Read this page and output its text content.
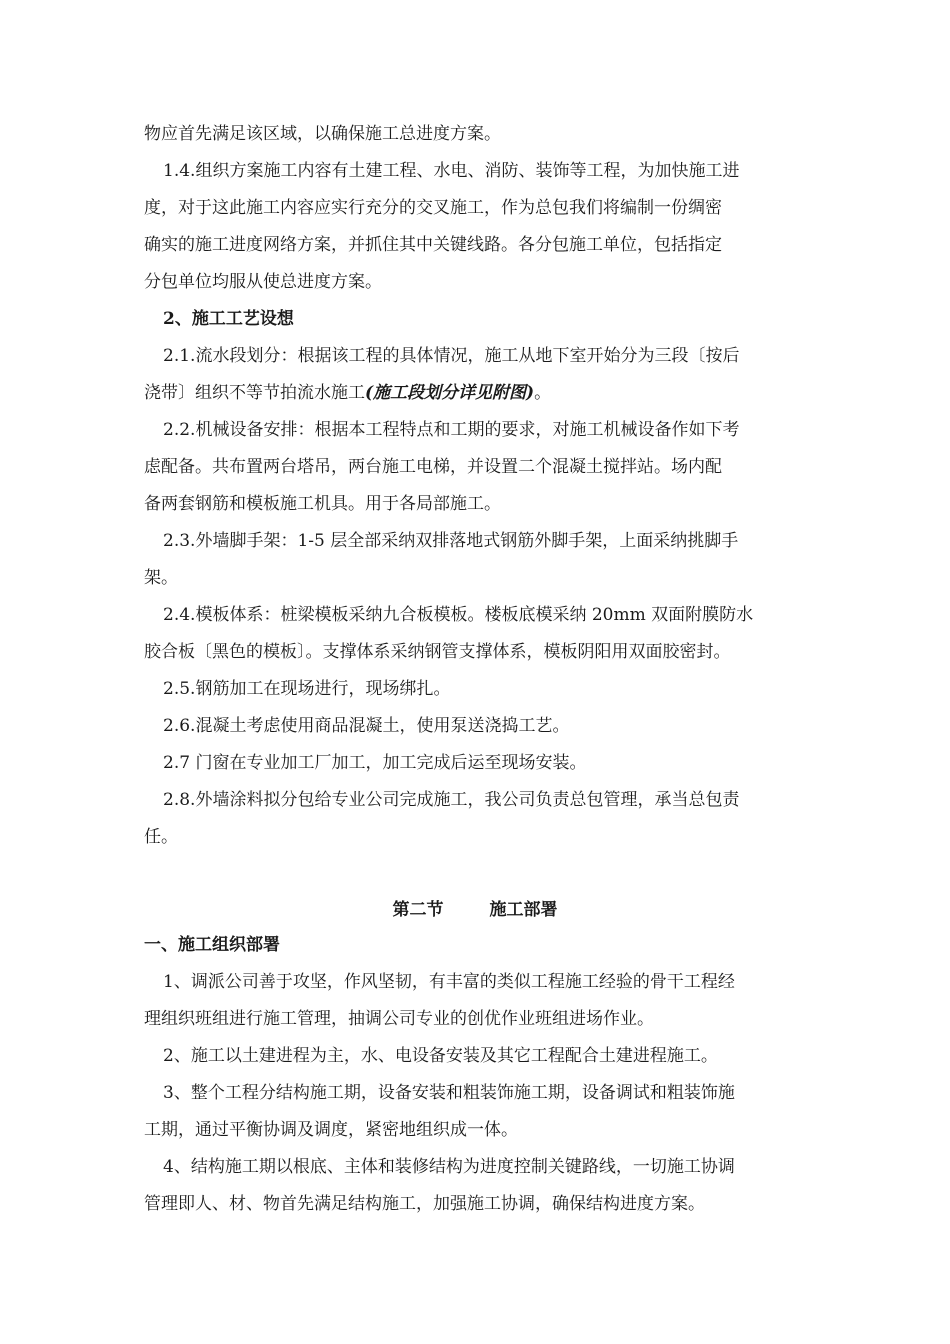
物应首先满足该区域，以确保施工总进度方案。
1.4.组织方案施工内容有土建工程、水电、消防、装饰等工程，为加快施工进
度，对于这此施工内容应实行充分的交叉施工，作为总包我们将编制一份绸密
确实的施工进度网络方案，并抓住其中关键线路。各分包施工单位，包括指定
分包单位均服从使总进度方案。
2、施工工艺设想
2.1.流水段划分：根据该工程的具体情况，施工从地下室开始分为三段〔按后
浇带〕组织不等节拍流水施工(施工段划分详见附图)。
2.2.机械设备安排：根据本工程特点和工期的要求，对施工机械设备作如下考
虑配备。共布置两台塔吊，两台施工电梯，并设置二个混凝土搅拌站。场内配
备两套钢筋和模板施工机具。用于各局部施工。
2.3.外墙脚手架：1-5 层全部采纳双排落地式钢筋外脚手架，上面采纳挑脚手
架。
2.4.模板体系：桩梁模板采纳九合板模板。楼板底模采纳 20mm 双面附膜防水
胶合板〔黑色的模板〕。支撑体系采纳钢管支撑体系，模板阴阳用双面胶密封。
2.5.钢筋加工在现场进行，现场绑扎。
2.6.混凝土考虑使用商品混凝土，使用泵送浇捣工艺。
2.7 门窗在专业加工厂加工，加工完成后运至现场安装。
2.8.外墙涂料拟分包给专业公司完成施工，我公司负责总包管理，承当总包责
任。
第二节	施工部署
一、施工组织部署
1、调派公司善于攻坚，作风坚韧，有丰富的类似工程施工经验的骨干工程经
理组织班组进行施工管理，抽调公司专业的创优作业班组进场作业。
2、施工以土建进程为主，水、电设备安装及其它工程配合土建进程施工。
3、整个工程分结构施工期，设备安装和粗装饰施工期，设备调试和粗装饰施
工期，通过平衡协调及调度，紧密地组织成一体。
4、结构施工期以根底、主体和装修结构为进度控制关键路线，一切施工协调
管理即人、材、物首先满足结构施工，加强施工协调，确保结构进度方案。
